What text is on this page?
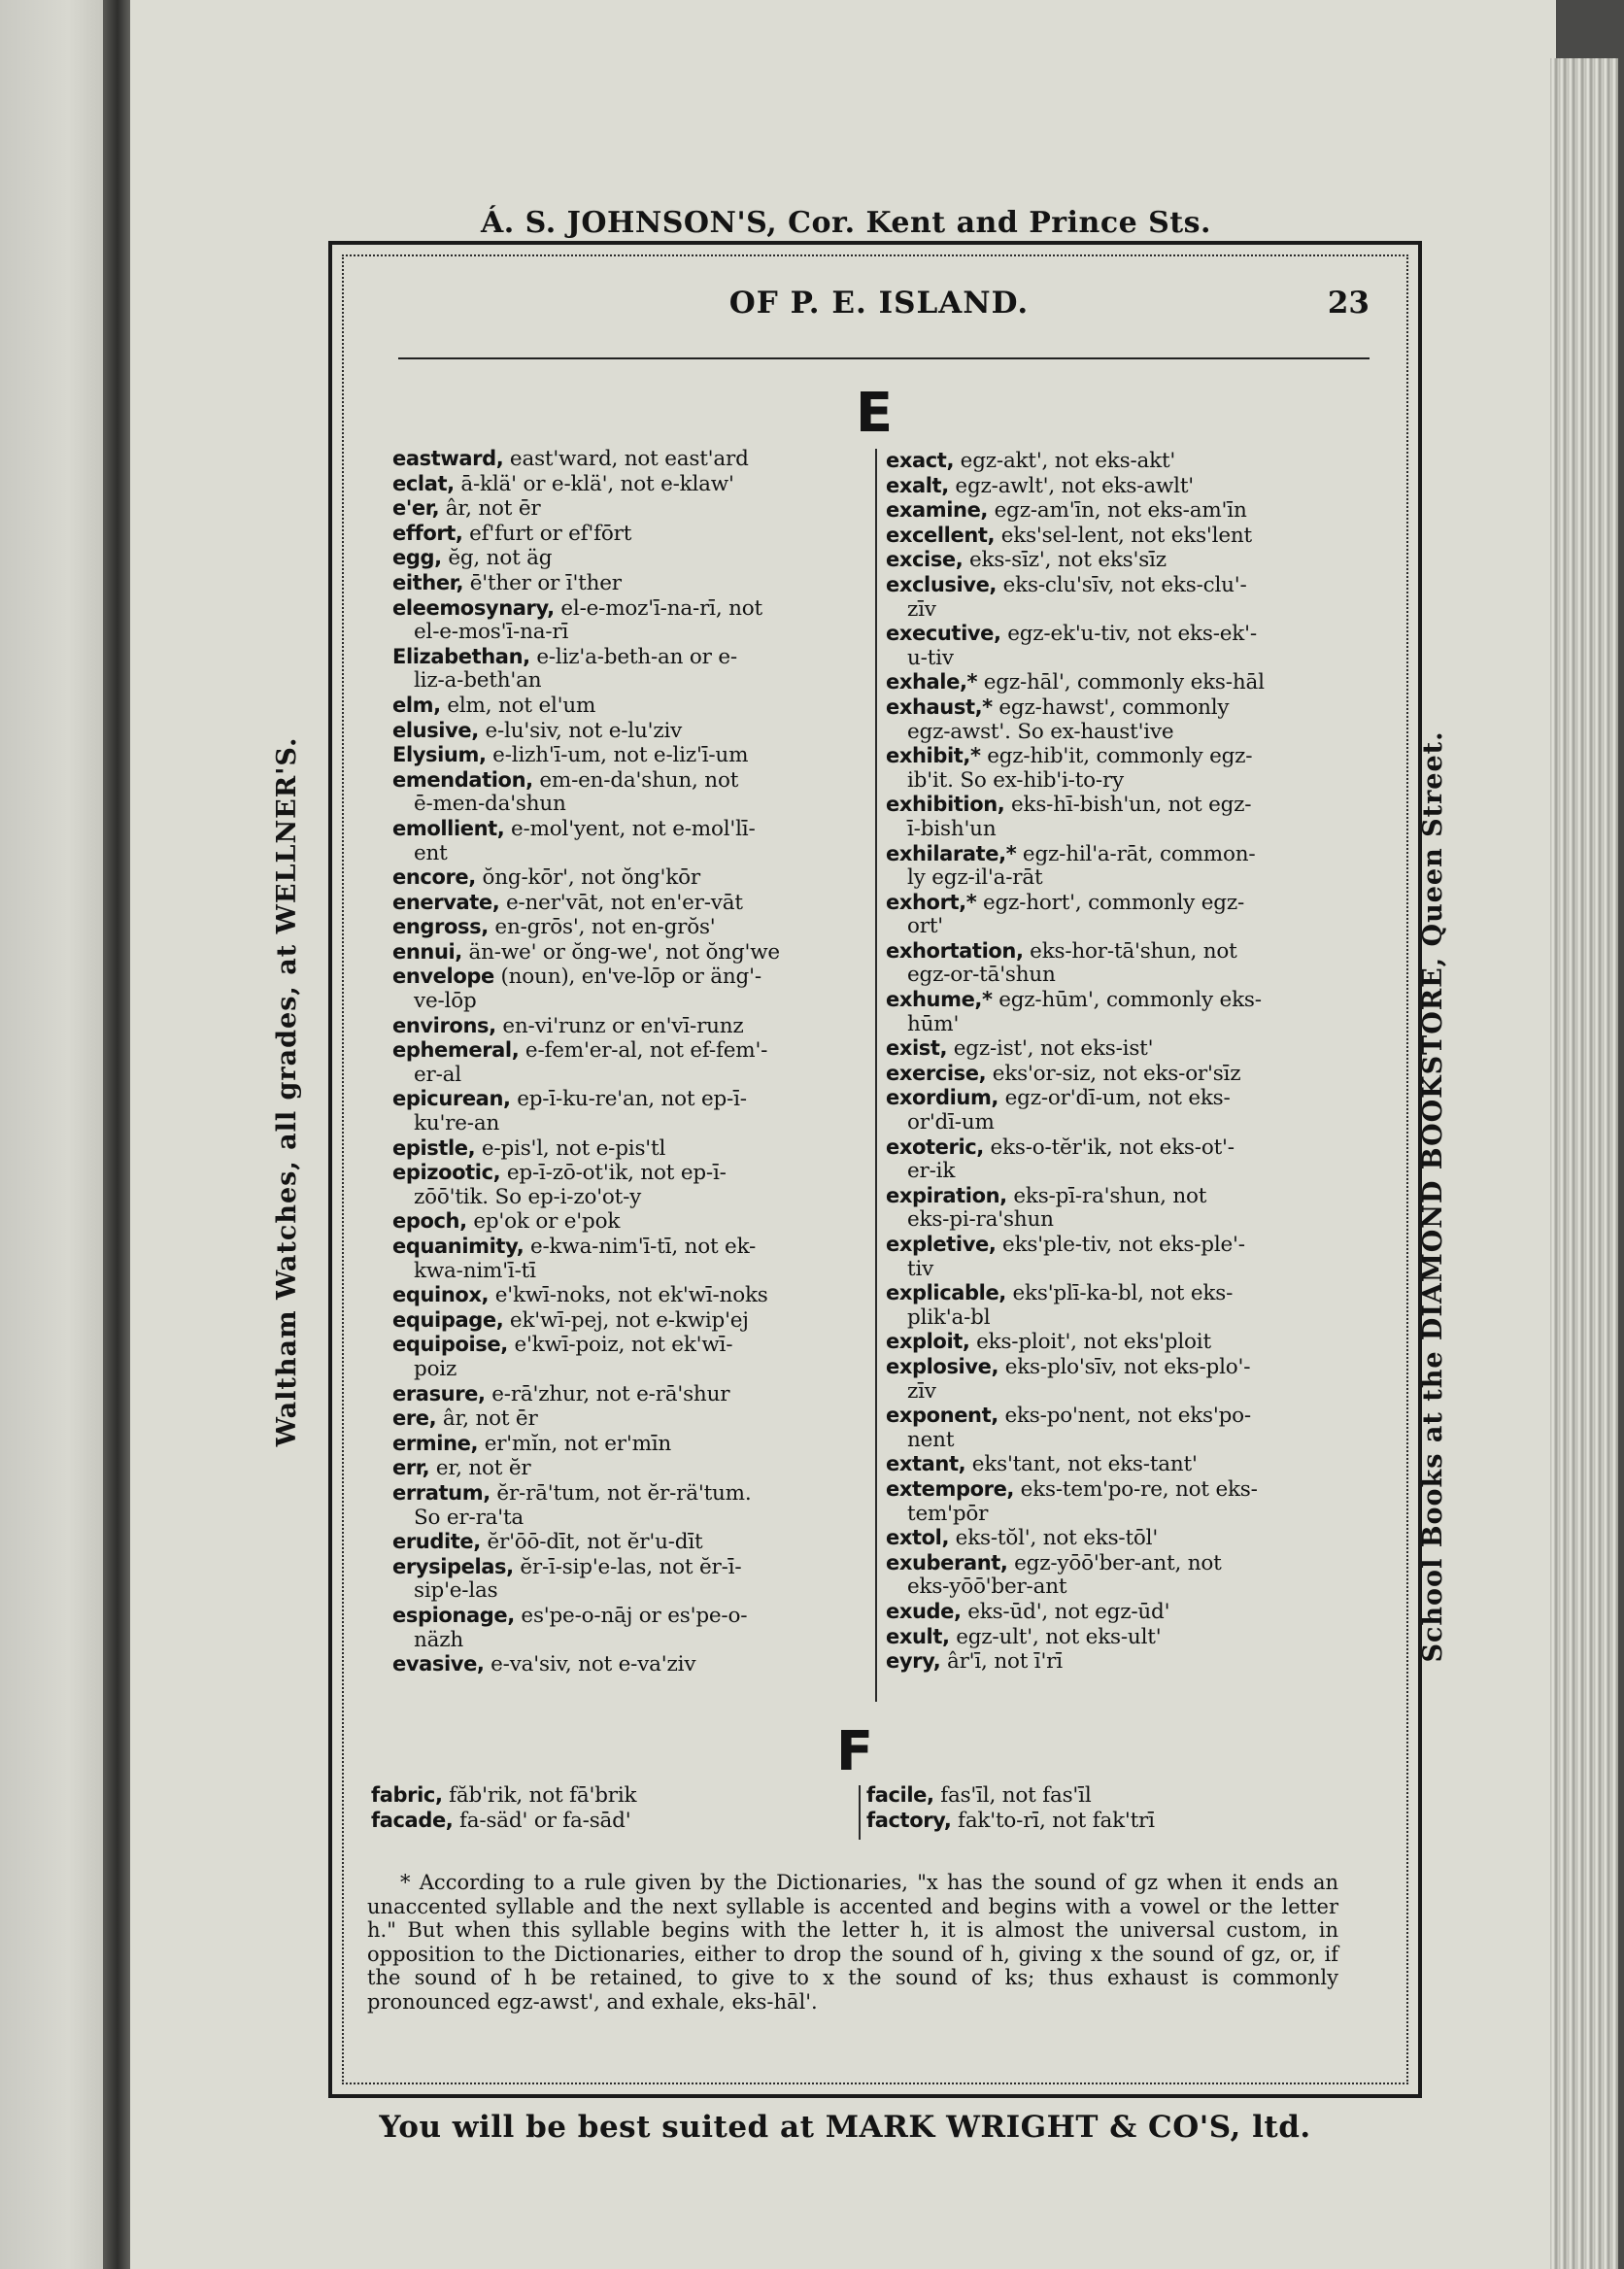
Á. S. JOHNSON'S, Cor. Kent and Prince Sts.
Waltham Watches, all grades, at WELLNER'S.	School Books at the DIAMOND BOOKSTORE, Queen Street.
OF P. E. ISLAND.	23
E
eastward, east'ward, not east'ard
eclat, ā-klä' or e-klä', not e-klaw'
e'er, âr, not ēr
effort, ef'furt or ef'fōrt
egg, ĕg, not äg
either, ē'ther or ī'ther
eleemosynary, el-e-moz'ī-na-rī, not
el-e-mos'ī-na-rī
Elizabethan, e-liz'a-beth-an or e-
liz-a-beth'an
elm, elm, not el'um
elusive, e-lu'siv, not e-lu'ziv
Elysium, e-lizh'ī-um, not e-liz'ī-um
emendation, em-en-da'shun, not
ē-men-da'shun
emollient, e-mol'yent, not e-mol'lī-
ent
encore, ŏng-kōr', not ŏng'kōr
enervate, e-ner'vāt, not en'er-vāt
engross, en-grōs', not en-grŏs'
ennui, än-we' or ŏng-we', not ŏng'we
envelope (noun), en've-lōp or äng'-
ve-lōp
environs, en-vi'runz or en'vī-runz
ephemeral, e-fem'er-al, not ef-fem'-
er-al
epicurean, ep-ī-ku-re'an, not ep-ī-
ku're-an
epistle, e-pis'l, not e-pis'tl
epizootic, ep-ī-zō-ot'ik, not ep-ī-
zōō'tik. So ep-i-zo'ot-y
epoch, ep'ok or e'pok
equanimity, e-kwa-nim'ī-tī, not ek-
kwa-nim'ī-tī
equinox, e'kwī-noks, not ek'wī-noks
equipage, ek'wī-pej, not e-kwip'ej
equipoise, e'kwī-poiz, not ek'wī-
poiz
erasure, e-rā'zhur, not e-rā'shur
ere, âr, not ēr
ermine, er'mĭn, not er'mīn
err, er, not ĕr
erratum, ĕr-rā'tum, not ĕr-rä'tum.
So er-ra'ta
erudite, ĕr'ōō-dīt, not ĕr'u-dīt
erysipelas, ĕr-ī-sip'e-las, not ĕr-ī-
sip'e-las
espionage, es'pe-o-nāj or es'pe-o-
näzh
evasive, e-va'siv, not e-va'ziv
exact, egz-akt', not eks-akt'
exalt, egz-awlt', not eks-awlt'
examine, egz-am'īn, not eks-am'īn
excellent, eks'sel-lent, not eks'lent
excise, eks-sīz', not eks'sīz
exclusive, eks-clu'sīv, not eks-clu'-
zīv
executive, egz-ek'u-tiv, not eks-ek'-
u-tiv
exhale,* egz-hāl', commonly eks-hāl
exhaust,* egz-hawst', commonly
egz-awst'. So ex-haust'ive
exhibit,* egz-hib'it, commonly egz-
ib'it. So ex-hib'i-to-ry
exhibition, eks-hī-bish'un, not egz-
ī-bish'un
exhilarate,* egz-hil'a-rāt, common-
ly egz-il'a-rāt
exhort,* egz-hort', commonly egz-
ort'
exhortation, eks-hor-tā'shun, not
egz-or-tā'shun
exhume,* egz-hūm', commonly eks-
hūm'
exist, egz-ist', not eks-ist'
exercise, eks'or-siz, not eks-or'sīz
exordium, egz-or'dī-um, not eks-
or'dī-um
exoteric, eks-o-tĕr'ik, not eks-ot'-
er-ik
expiration, eks-pī-ra'shun, not
eks-pi-ra'shun
expletive, eks'ple-tiv, not eks-ple'-
tiv
explicable, eks'plī-ka-bl, not eks-
plik'a-bl
exploit, eks-ploit', not eks'ploit
explosive, eks-plo'sīv, not eks-plo'-
zīv
exponent, eks-po'nent, not eks'po-
nent
extant, eks'tant, not eks-tant'
extempore, eks-tem'po-re, not eks-
tem'pōr
extol, eks-tŏl', not eks-tōl'
exuberant, egz-yōō'ber-ant, not
eks-yōō'ber-ant
exude, eks-ūd', not egz-ūd'
exult, egz-ult', not eks-ult'
eyry, âr'ī, not ī'rī
F
fabric, făb'rik, not fā'brik
facade, fa-säd' or fa-sād'
facile, fas'īl, not fas'īl
factory, fak'to-rī, not fak'trī

* According to a rule given by the Dictionaries, "x has the sound of gz when it ends an unaccented syllable and the next syllable is accented and begins with a vowel or the letter h." But when this syllable begins with the letter h, it is almost the universal custom, in opposition to the Dictionaries, either to drop the sound of h, giving x the sound of gz, or, if the sound of h be retained, to give to x the sound of ks; thus exhaust is commonly pronounced egz-awst', and exhale, eks-hāl'.

You will be best suited at MARK WRIGHT & CO'S, ltd.
